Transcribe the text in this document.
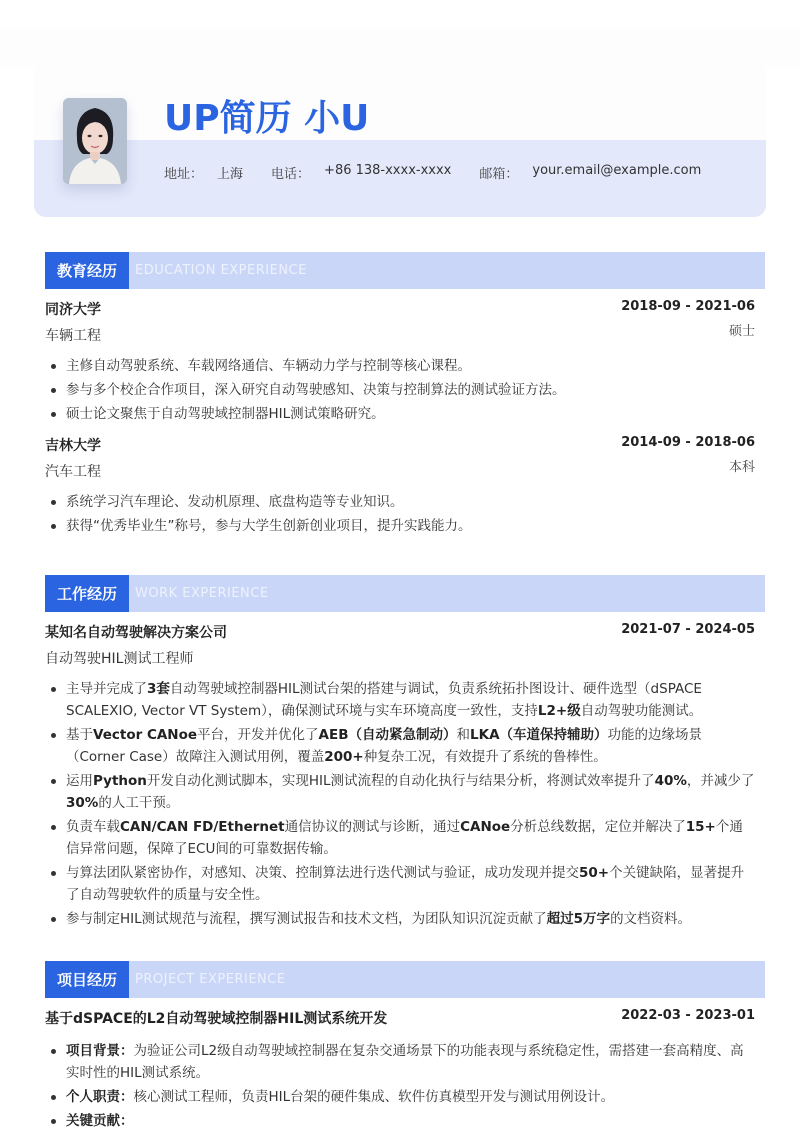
UP简历 小U
地址： 上海 电话： +86 138-xxxx-xxxx 邮箱： your.email@example.com
教育经历	EDUCATION EXPERIENCE
同济大学	2018-09 - 2021-06
车辆工程	硕士
主修自动驾驶系统、车载网络通信、车辆动力学与控制等核心课程。
参与多个校企合作项目，深入研究自动驾驶感知、决策与控制算法的测试验证方法。
硕士论文聚焦于自动驾驶域控制器HIL测试策略研究。
吉林大学	2014-09 - 2018-06
汽车工程	本科
系统学习汽车理论、发动机原理、底盘构造等专业知识。
获得“优秀毕业生”称号，参与大学生创新创业项目，提升实践能力。
工作经历	WORK EXPERIENCE
某知名自动驾驶解决方案公司	2021-07 - 2024-05
自动驾驶HIL测试工程师
主导并完成了3套自动驾驶域控制器HIL测试台架的搭建与调试，负责系统拓扑图设计、硬件选型（dSPACE SCALEXIO, Vector VT System），确保测试环境与实车环境高度一致性，支持L2+级自动驾驶功能测试。
基于Vector CANoe平台，开发并优化了AEB（自动紧急制动）和LKA（车道保持辅助）功能的边缘场景（Corner Case）故障注入测试用例，覆盖200+种复杂工况，有效提升了系统的鲁棒性。
运用Python开发自动化测试脚本，实现HIL测试流程的自动化执行与结果分析，将测试效率提升了40%，并减少了30%的人工干预。
负责车载CAN/CAN FD/Ethernet通信协议的测试与诊断，通过CANoe分析总线数据，定位并解决了15+个通信异常问题，保障了ECU间的可靠数据传输。
与算法团队紧密协作，对感知、决策、控制算法进行迭代测试与验证，成功发现并提交50+个关键缺陷，显著提升了自动驾驶软件的质量与安全性。
参与制定HIL测试规范与流程，撰写测试报告和技术文档，为团队知识沉淀贡献了超过5万字的文档资料。
项目经历	PROJECT EXPERIENCE
基于dSPACE的L2自动驾驶域控制器HIL测试系统开发	2022-03 - 2023-01
项目背景：为验证公司L2级自动驾驶域控制器在复杂交通场景下的功能表现与系统稳定性，需搭建一套高精度、高实时性的HIL测试系统。
个人职责：核心测试工程师，负责HIL台架的硬件集成、软件仿真模型开发与测试用例设计。
关键贡献：
